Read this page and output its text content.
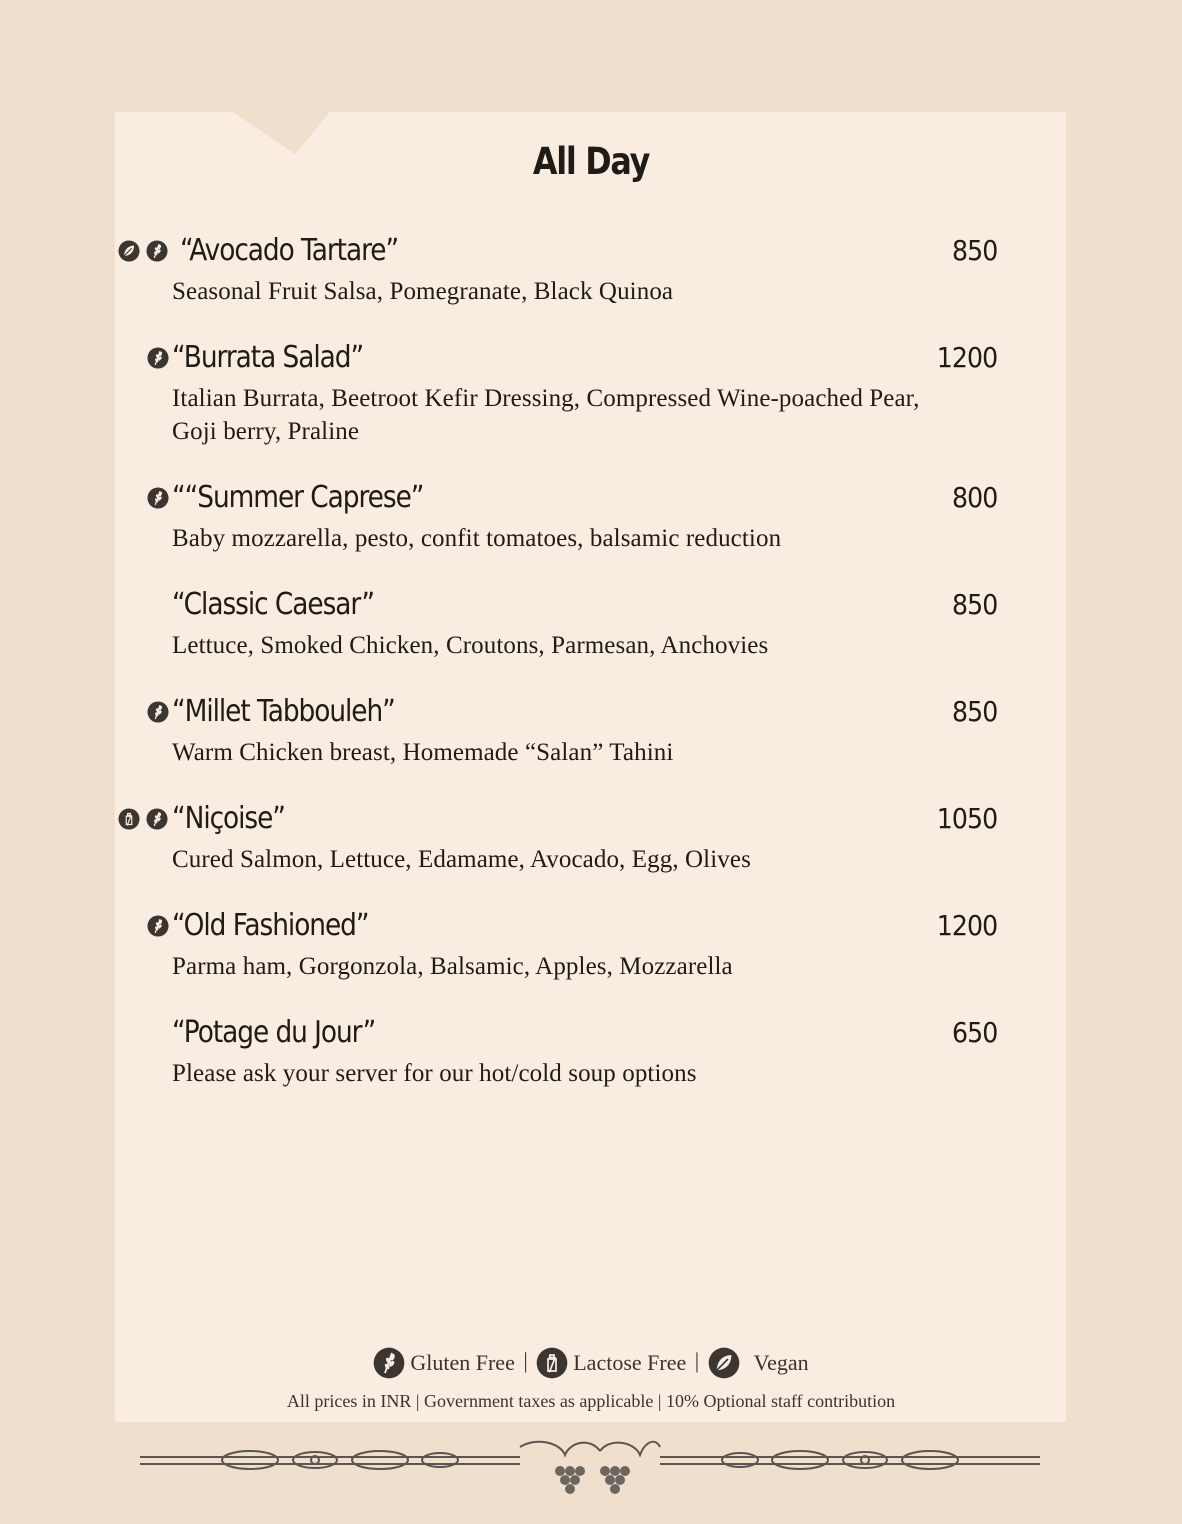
All Day
“Avocado Tartare”	850
Seasonal Fruit Salsa, Pomegranate, Black Quinoa
“Burrata Salad”	1200
Italian Burrata, Beetroot Kefir Dressing, Compressed Wine-poached Pear, Goji berry, Praline
““Summer Caprese”	800
Baby mozzarella, pesto, confit tomatoes, balsamic reduction
“Classic Caesar”	850
Lettuce, Smoked Chicken, Croutons, Parmesan, Anchovies
“Millet Tabbouleh”	850
Warm Chicken breast, Homemade “Salan” Tahini
“Niçoise”	1050
Cured Salmon, Lettuce, Edamame, Avocado, Egg, Olives
“Old Fashioned”	1200
Parma ham, Gorgonzola, Balsamic, Apples, Mozzarella
“Potage du Jour”	650
Please ask your server for our hot/cold soup options
Gluten Free | Lactose Free | Vegan
All prices in INR | Government taxes as applicable | 10% Optional staff contribution
